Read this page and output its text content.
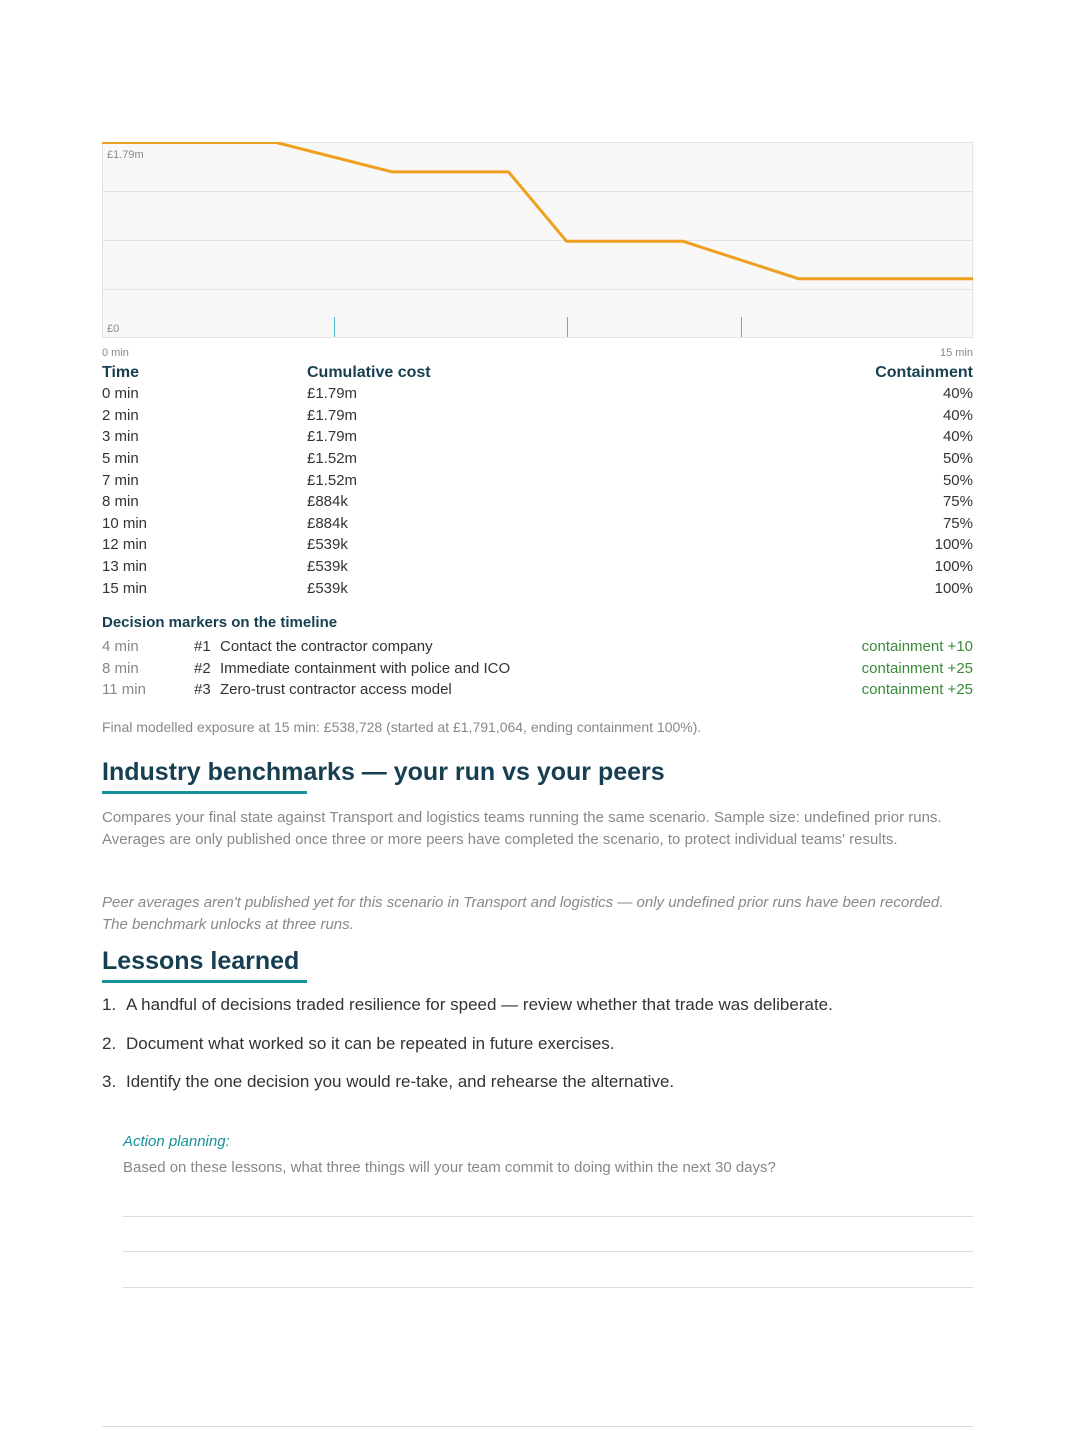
£1.79m
£0
0 min	15 min
Time	Cumulative cost	Containment
0 min	£1.79m	40%
2 min	£1.79m	40%
3 min	£1.79m	40%
5 min	£1.52m	50%
7 min	£1.52m	50%
8 min	£884k	75%
10 min	£884k	75%
12 min	£539k	100%
13 min	£539k	100%
15 min	£539k	100%
Decision markers on the timeline
4 min	#1	Contact the contractor company	containment +10
8 min	#2	Immediate containment with police and ICO	containment +25
11 min	#3	Zero-trust contractor access model	containment +25
Final modelled exposure at 15 min: £538,728 (started at £1,791,064, ending containment 100%).
Industry benchmarks — your run vs your peers

Compares your final state against Transport and logistics teams running the same scenario. Sample size: undefined prior runs. Averages are only published once three or more peers have completed the scenario, to protect individual teams' results.

Peer averages aren't published yet for this scenario in Transport and logistics — only undefined prior runs have been recorded. The benchmark unlocks at three runs.

Lessons learned
1. A handful of decisions traded resilience for speed — review whether that trade was deliberate.
2. Document what worked so it can be repeated in future exercises.
3. Identify the one decision you would re-take, and rehearse the alternative.
Action planning:
Based on these lessons, what three things will your team commit to doing within the next 30 days?
